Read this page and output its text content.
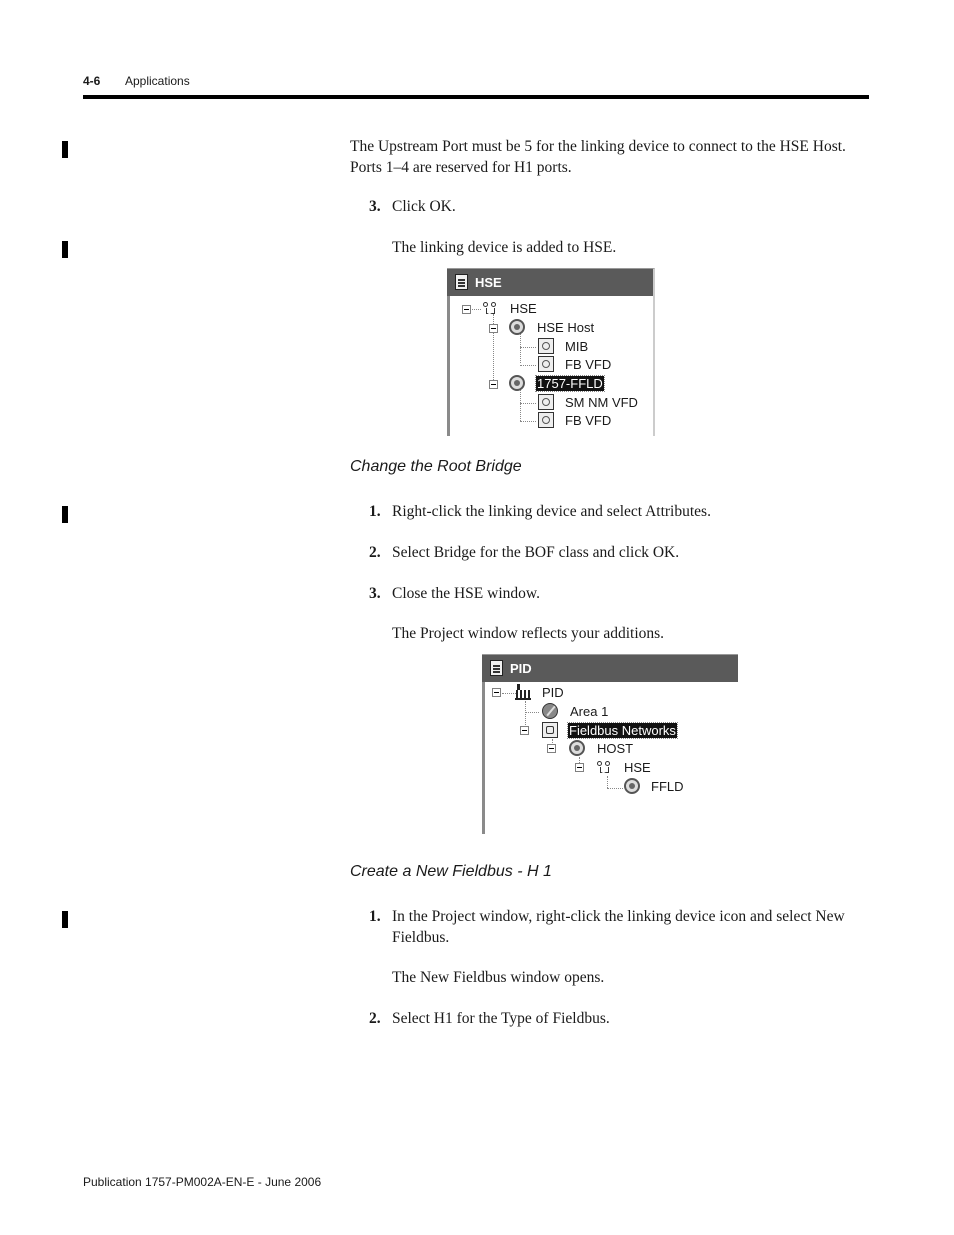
4-6 Applications
The Upstream Port must be 5 for the linking device to connect to the HSE Host. Ports 1–4 are reserved for H1 ports.
3. Click OK.
The linking device is added to HSE.
HSE
HSE
HSE Host
MIB
FB VFD
1757-FFLD
SM NM VFD
FB VFD
Change the Root Bridge
1. Right-click the linking device and select Attributes.
2. Select Bridge for the BOF class and click OK.
3. Close the HSE window.
The Project window reflects your additions.
PID
PID
Area 1
Fieldbus Networks
HOST
HSE
FFLD
Create a New Fieldbus - H 1
1. In the Project window, right-click the linking device icon and select New Fieldbus.
The New Fieldbus window opens.
2. Select H1 for the Type of Fieldbus.
Publication 1757-PM002A-EN-E - June 2006
